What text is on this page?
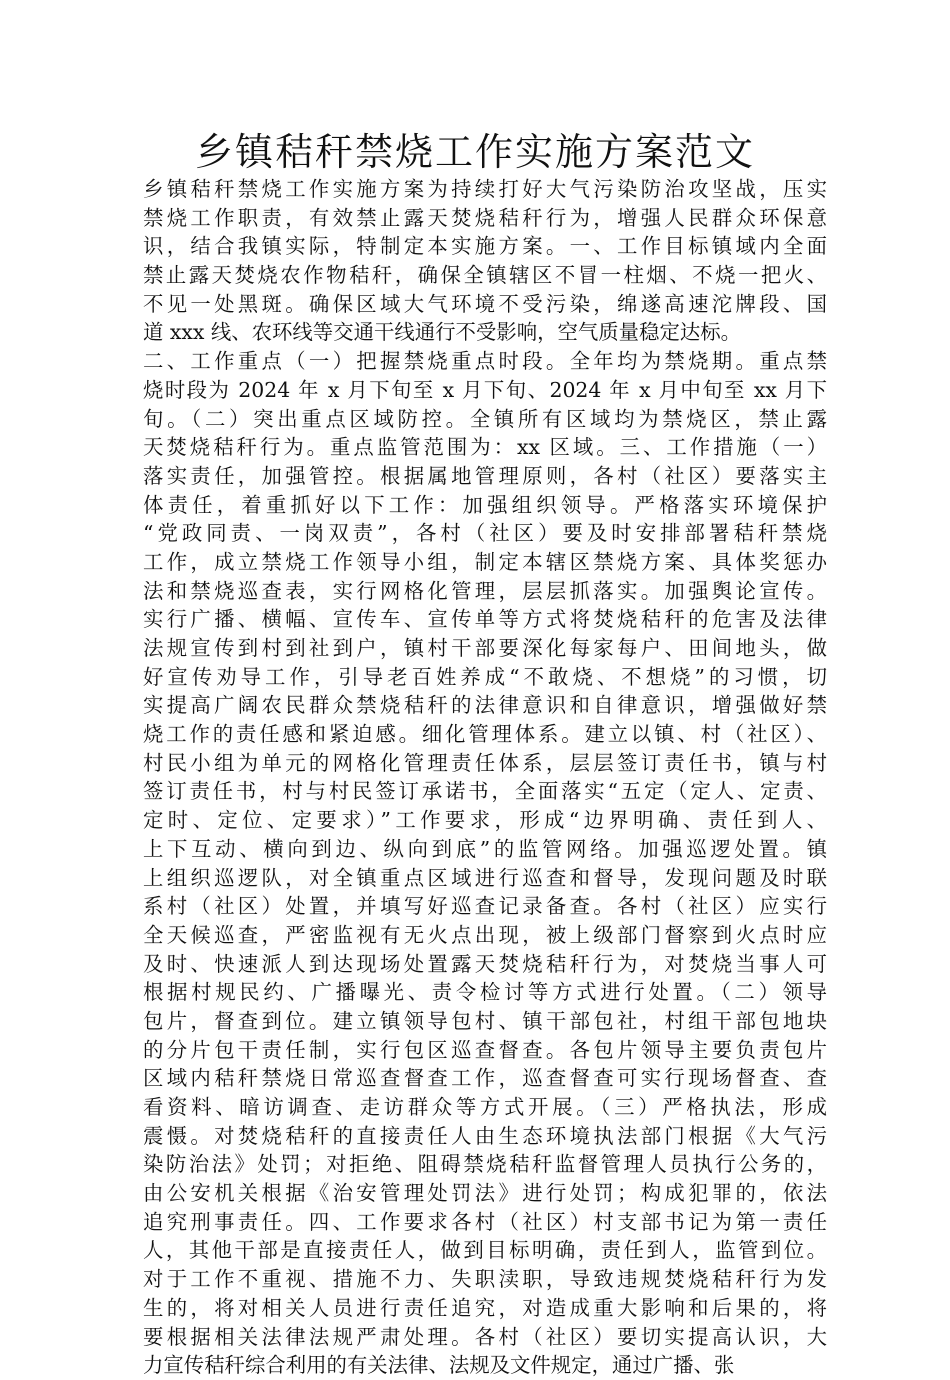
乡镇秸秆禁烧工作实施方案范文
乡镇秸秆禁烧工作实施方案为持续打好大气污染防治攻坚战，压实
禁烧工作职责，有效禁止露天焚烧秸秆行为，增强人民群众环保意
识，结合我镇实际，特制定本实施方案。一、工作目标镇域内全面
禁止露天焚烧农作物秸秆，确保全镇辖区不冒一柱烟、不烧一把火、
不见一处黑斑。确保区域大气环境不受污染，绵遂高速沱牌段、国
道 xxx 线、农环线等交通干线通行不受影响，空气质量稳定达标。
二、工作重点（一）把握禁烧重点时段。全年均为禁烧期。重点禁
烧时段为 2024 年 x 月下旬至 x 月下旬、2024 年 x 月中旬至 xx 月下
旬。（二）突出重点区域防控。全镇所有区域均为禁烧区，禁止露
天焚烧秸秆行为。重点监管范围为：xx 区域。三、工作措施（一）
落实责任，加强管控。根据属地管理原则，各村（社区）要落实主
体责任，着重抓好以下工作：加强组织领导。严格落实环境保护
“党政同责、一岗双责”，各村（社区）要及时安排部署秸秆禁烧
工作，成立禁烧工作领导小组，制定本辖区禁烧方案、具体奖惩办
法和禁烧巡查表，实行网格化管理，层层抓落实。加强舆论宣传。
实行广播、横幅、宣传车、宣传单等方式将焚烧秸秆的危害及法律
法规宣传到村到社到户，镇村干部要深化每家每户、田间地头，做
好宣传劝导工作，引导老百姓养成“不敢烧、不想烧”的习惯，切
实提高广阔农民群众禁烧秸秆的法律意识和自律意识，增强做好禁
烧工作的责任感和紧迫感。细化管理体系。建立以镇、村（社区）、
村民小组为单元的网格化管理责任体系，层层签订责任书，镇与村
签订责任书，村与村民签订承诺书，全面落实“五定（定人、定责、
定时、定位、定要求）”工作要求，形成“边界明确、责任到人、
上下互动、横向到边、纵向到底”的监管网络。加强巡逻处置。镇
上组织巡逻队，对全镇重点区域进行巡查和督导，发现问题及时联
系村（社区）处置，并填写好巡查记录备查。各村（社区）应实行
全天候巡查，严密监视有无火点出现，被上级部门督察到火点时应
及时、快速派人到达现场处置露天焚烧秸秆行为，对焚烧当事人可
根据村规民约、广播曝光、责令检讨等方式进行处置。（二）领导
包片，督查到位。建立镇领导包村、镇干部包社，村组干部包地块
的分片包干责任制，实行包区巡查督查。各包片领导主要负责包片
区域内秸秆禁烧日常巡查督查工作，巡查督查可实行现场督查、查
看资料、暗访调查、走访群众等方式开展。（三）严格执法，形成
震慑。对焚烧秸秆的直接责任人由生态环境执法部门根据《大气污
染防治法》处罚；对拒绝、阻碍禁烧秸秆监督管理人员执行公务的，
由公安机关根据《治安管理处罚法》进行处罚；构成犯罪的，依法
追究刑事责任。四、工作要求各村（社区）村支部书记为第一责任
人，其他干部是直接责任人，做到目标明确，责任到人，监管到位。
对于工作不重视、措施不力、失职渎职，导致违规焚烧秸秆行为发
生的，将对相关人员进行责任追究，对造成重大影响和后果的，将
要根据相关法律法规严肃处理。各村（社区）要切实提高认识，大
力宣传秸秆综合利用的有关法律、法规及文件规定，通过广播、张
